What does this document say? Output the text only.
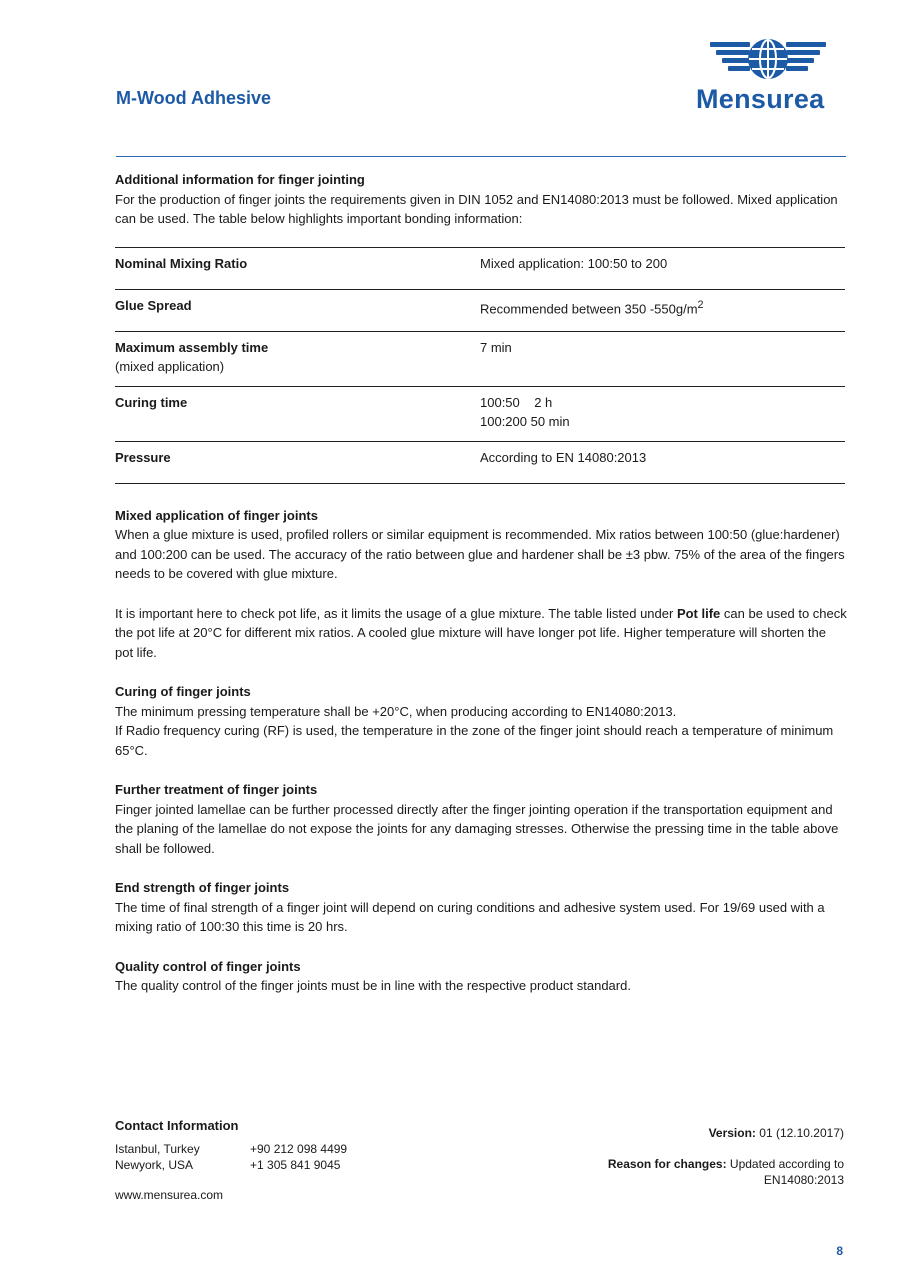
M-Wood Adhesive	Mensurea

Additional information for finger jointing

For the production of finger joints the requirements given in DIN 1052 and EN14080:2013 must be followed. Mixed application can be used. The table below highlights important bonding information:

Nominal Mixing Ratio	Mixed application: 100:50 to 200
Glue Spread	Recommended between 350 $-550g/m^2$
Maximum assembly time
(mixed application)	7 min
Curing time	100:50    2 h
100:200 50 min

Pressure	According to EN 14080:2013

Mixed application of finger joints

When a glue mixture is used, profiled rollers or similar equipment is recommended. Mix ratios between 100:50 (glue:hardener) and 100:200 can be used. The accuracy of the ratio between glue and hardener shall be ±3 pbw. 75% of the area of the fingers needs to be covered with glue mixture.

It is important here to check pot life, as it limits the usage of a glue mixture. The table listed under Pot life can be used to check the pot life at 20°C for different mix ratios. A cooled glue mixture will have longer pot life. Higher temperature will shorten the pot life.

Curing of finger joints

The minimum pressing temperature shall be +20°C, when producing according to EN14080:2013.

If Radio frequency curing (RF) is used, the temperature in the zone of the finger joint should reach a temperature of minimum 65°C.

Further treatment of finger joints

Finger jointed lamellae can be further processed directly after the finger jointing operation if the transportation equipment and the planing of the lamellae do not expose the joints for any damaging stresses. Otherwise the pressing time in the table above shall be followed.

End strength of finger joints

The time of final strength of a finger joint will depend on curing conditions and adhesive system used. For 19/69 used with a mixing ratio of 100:30 this time is 20 hrs.

Quality control of finger joints

The quality control of the finger joints must be in line with the respective product standard.

Contact Information
Istanbul, Turkey	+90 212 098 4499
Newyork, USA	+1 305 841 9045
www.mensurea.com
Version: 01 (12.10.2017)
Reason for changes: Updated according to
EN14080:2013
8
